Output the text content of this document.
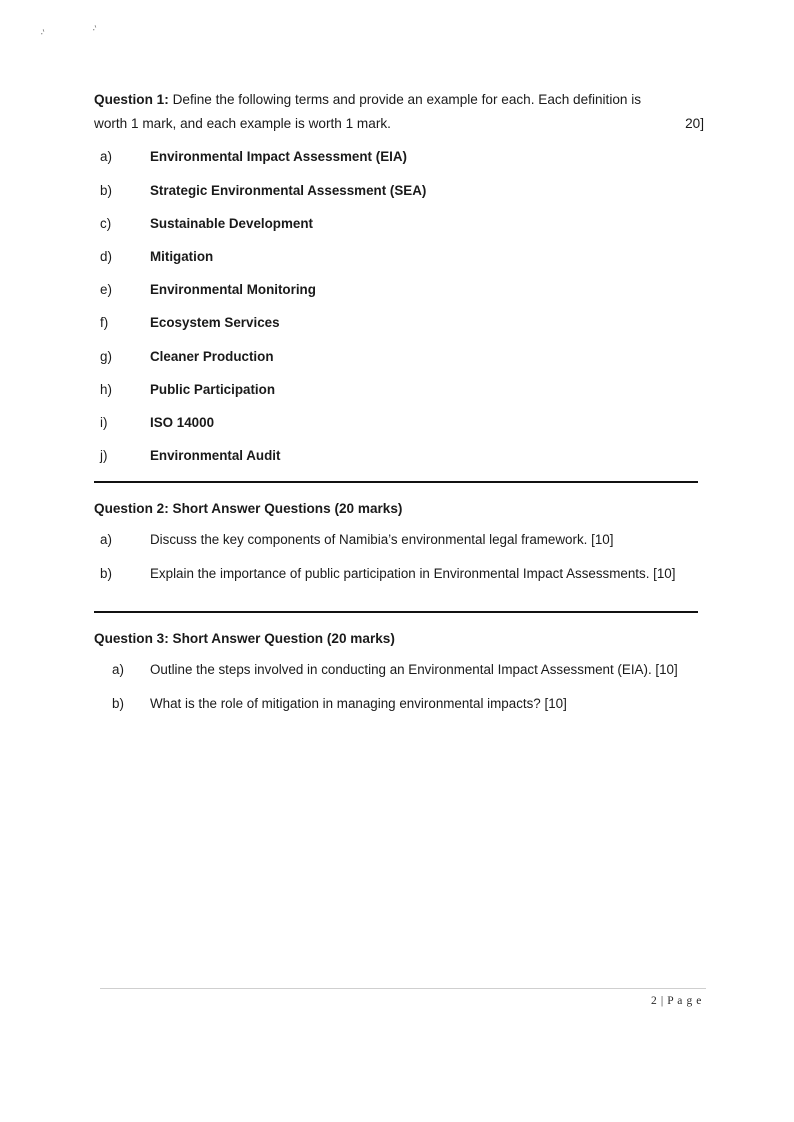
·'	·'

Question 1: Define the following terms and provide an example for each. Each definition is

worth 1 mark, and each example is worth 1 mark.	20]
a)	Environmental Impact Assessment (EIA)
b)	Strategic Environmental Assessment (SEA)
c)	Sustainable Development
d)	Mitigation
e)	Environmental Monitoring
f)	Ecosystem Services
g)	Cleaner Production
h)	Public Participation
i)	ISO 14000
j)	Environmental Audit
Question 2: Short Answer Questions (20 marks)
a)	Discuss the key components of Namibia’s environmental legal framework. [10]
b)	Explain the importance of public participation in Environmental Impact Assessments. [10]
Question 3: Short Answer Question (20 marks)
a)	Outline the steps involved in conducting an Environmental Impact Assessment (EIA). [10]
b)	What is the role of mitigation in managing environmental impacts? [10]
2 | P a g e
